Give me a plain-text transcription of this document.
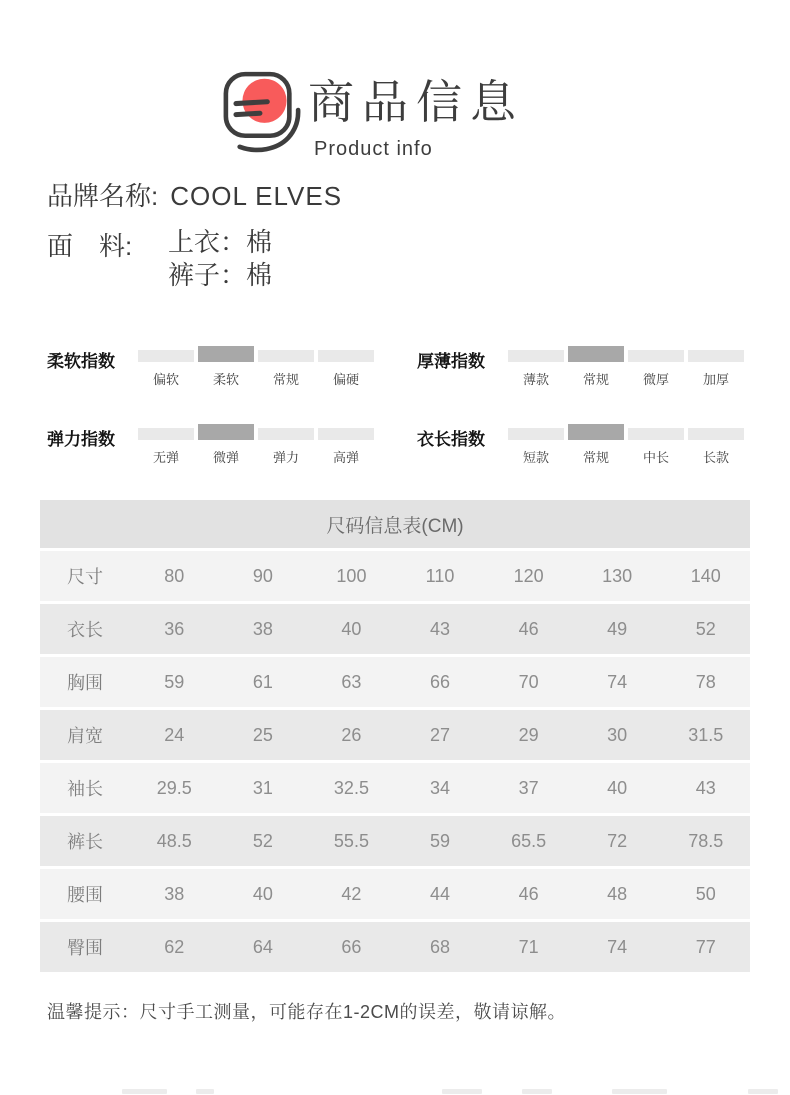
商品信息
Product info
品牌名称: COOL ELVES
面　料:	上衣：棉
裤子：棉
柔软指数
偏软	柔软	常规	偏硬
厚薄指数
薄款	常规	微厚	加厚
弹力指数
无弹	微弹	弹力	高弹
衣长指数
短款	常规	中长	长款
尺码信息表(CM)
尺寸	80	90	100	110	120	130	140
衣长	36	38	40	43	46	49	52
胸围	59	61	63	66	70	74	78
肩宽	24	25	26	27	29	30	31.5
袖长	29.5	31	32.5	34	37	40	43
裤长	48.5	52	55.5	59	65.5	72	78.5
腰围	38	40	42	44	46	48	50
臀围	62	64	66	68	71	74	77
温馨提示：尺寸手工测量，可能存在1-2CM的误差，敬请谅解。
